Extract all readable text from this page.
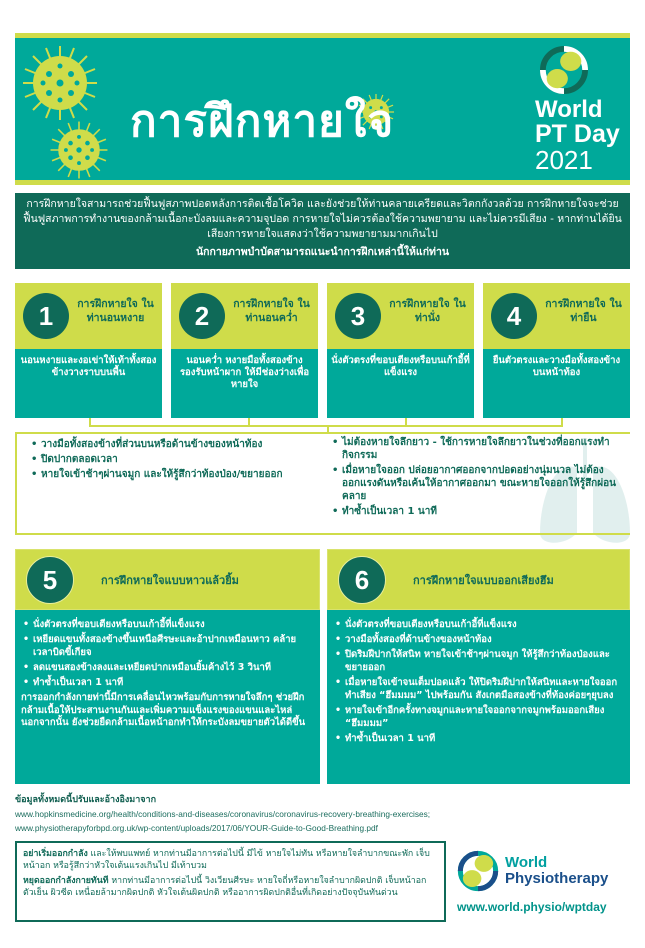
การฝึกหายใจ	World
PT Day
2021
การฝึกหายใจสามารถช่วยฟื้นฟูสภาพปอดหลังการติดเชื้อโควิด และยังช่วยให้ท่านคลายเครียดและวิตกกังวลด้วย การฝึกหายใจจะช่วยฟื้นฟูสภาพการทำงานของกล้ามเนื้อกะบังลมและความจุปอด การหายใจไม่ควรต้องใช้ความพยายาม และไม่ควรมีเสียง - หากท่านได้ยินเสียงการหายใจแสดงว่าใช้ความพยายามมากเกินไป
นักกายภาพบำบัดสามารถแนะนำการฝึกเหล่านี้ให้แก่ท่าน
1	การฝึกหายใจ ในท่านอนหงาย
นอนหงายและงอเข่าให้เท้าทั้งสองข้างวางราบบนพื้น
2	การฝึกหายใจ ในท่านอนคว่ำ
นอนคว่ำ หงายมือทั้งสองข้าง รองรับหน้าผาก ให้มีช่องว่างเพื่อหายใจ
3	การฝึกหายใจ ในท่านั่ง
นั่งตัวตรงที่ขอบเตียงหรือบนเก้าอี้ที่แข็งแรง
4	การฝึกหายใจ ในท่ายืน
ยืนตัวตรงและวางมือทั้งสองข้างบนหน้าท้อง
• วางมือทั้งสองข้างที่ส่วนบนหรือด้านข้างของหน้าท้อง
• ปิดปากตลอดเวลา
• หายใจเข้าช้าๆผ่านจมูก และให้รู้สึกว่าท้องป่อง/ขยายออก
• ไม่ต้องหายใจลึกยาว - ใช้การหายใจลึกยาวในช่วงที่ออกแรงทำกิจกรรม
• เมื่อหายใจออก ปล่อยอากาศออกจากปอดอย่างนุ่มนวล ไม่ต้องออกแรงดันหรือเค้นให้อากาศออกมา ขณะหายใจออกให้รู้สึกผ่อนคลาย
• ทำซ้ำเป็นเวลา 1 นาที
5	การฝึกหายใจแบบหาวแล้วยิ้ม
• นั่งตัวตรงที่ขอบเตียงหรือบนเก้าอี้ที่แข็งแรง
• เหยียดแขนทั้งสองข้างขึ้นเหนือศีรษะและอ้าปากเหมือนหาว คล้ายเวลาบิดขี้เกียจ
• ลดแขนสองข้างลงและเหยียดปากเหมือนยิ้มค้างไว้ 3 วินาที
• ทำซ้ำเป็นเวลา 1 นาที
การออกกำลังกายท่านี้มีการเคลื่อนไหวพร้อมกับการหายใจลึกๆ ช่วยฝึกกล้ามเนื้อให้ประสานงานกันและเพิ่มความแข็งแรงของแขนและไหล่ นอกจากนั้น ยังช่วยยืดกล้ามเนื้อหน้าอกทำให้กระบังลมขยายตัวได้ดีขึ้น
6	การฝึกหายใจแบบออกเสียงฮึม
• นั่งตัวตรงที่ขอบเตียงหรือบนเก้าอี้ที่แข็งแรง
• วางมือทั้งสองที่ด้านข้างของหน้าท้อง
• ปิดริมฝีปากให้สนิท หายใจเข้าช้าๆผ่านจมูก ให้รู้สึกว่าท้องป่องและขยายออก
• เมื่อหายใจเข้าจนเต็มปอดแล้ว ให้ปิดริมฝีปากให้สนิทและหายใจออก ทำเสียง “ฮึมมมม” ไปพร้อมกัน สังเกตมือสองข้างที่ท้องค่อยๆยุบลง
• หายใจเข้าอีกครั้งทางจมูกและหายใจออกจากจมูกพร้อมออกเสียง “ฮึมมมม”
• ทำซ้ำเป็นเวลา 1 นาที
ข้อมูลทั้งหมดนี้ปรับและอ้างอิงมาจาก
www.hopkinsmedicine.org/health/conditions-and-diseases/coronavirus/coronavirus-recovery-breathing-exercises;
www.physiotherapyforbpd.org.uk/wp-content/uploads/2017/06/YOUR-Guide-to-Good-Breathing.pdf

อย่าเริ่มออกกำลัง และให้พบแพทย์ หากท่านมีอาการต่อไปนี้ มีไข้ หายใจไม่ทัน หรือหายใจลำบากขณะพัก เจ็บหน้าอก หรือรู้สึกว่าหัวใจเต้นแรงเกินไป มีเท้าบวม

หยุดออกกำลังกายทันที หากท่านมีอาการต่อไปนี้ วิงเวียนศีรษะ หายใจถี่หรือหายใจลำบากผิดปกติ เจ็บหน้าอก ตัวเย็น ผิวซีด เหนื่อยล้ามากผิดปกติ หัวใจเต้นผิดปกติ หรืออาการผิดปกติอื่นที่เกิดอย่างปัจจุบันทันด่วน

World
Physiotherapy
www.world.physio/wptday
